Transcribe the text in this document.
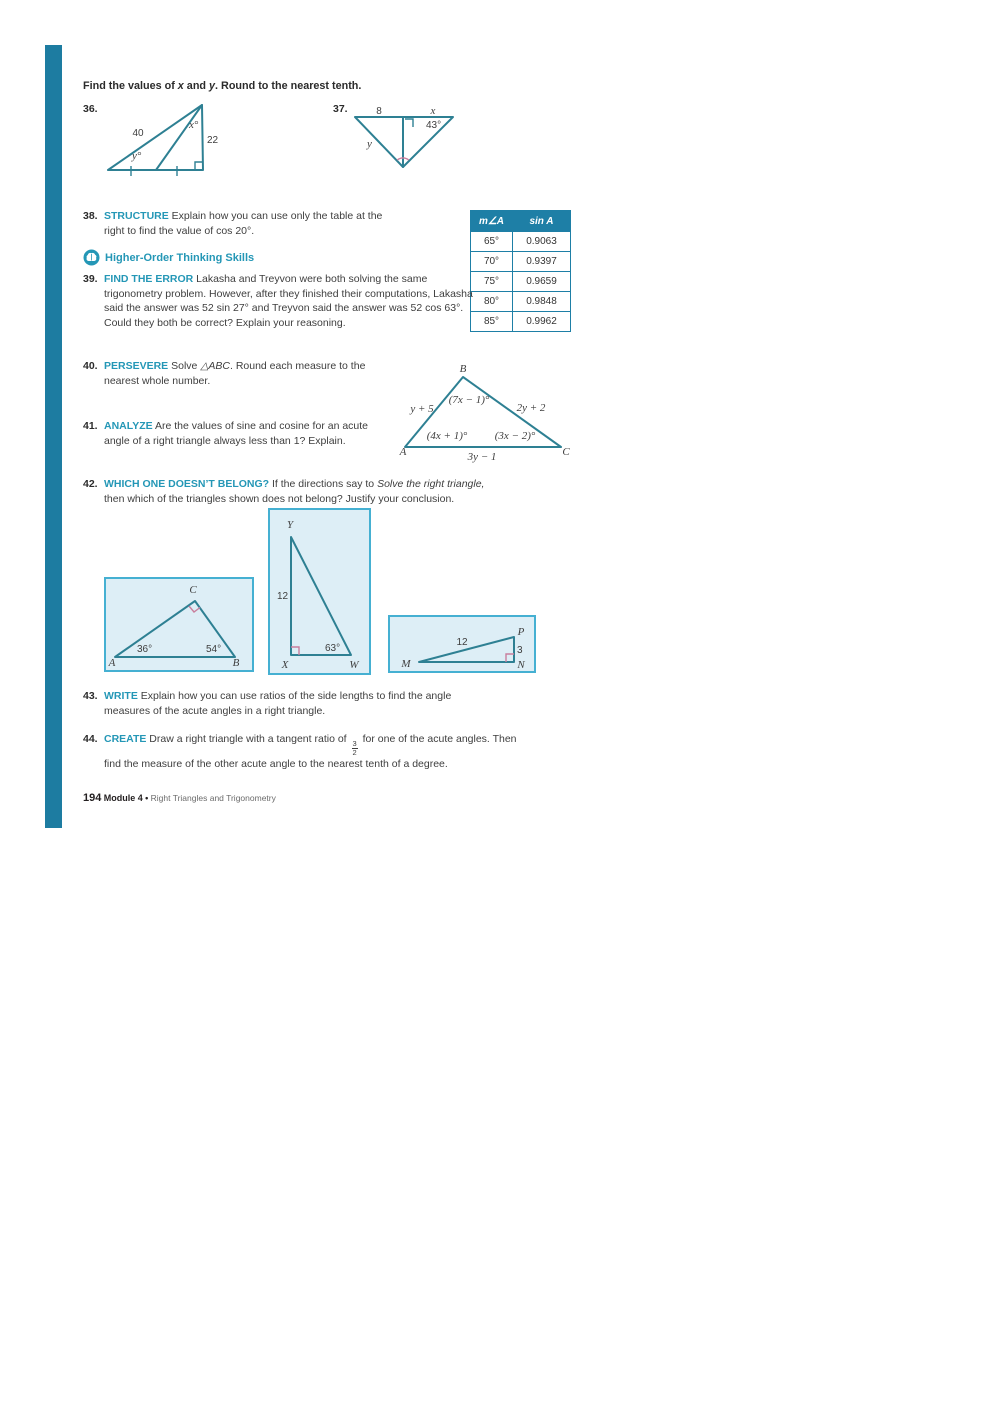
Find the values of x and y. Round to the nearest tenth.
36.
40
x°
22
y°
37.	8	x
43°
y
38. STRUCTURE Explain how you can use only the table at the right to find the value of cos 20°.
m∠A	sin A
65°	0.9063
70°	0.9397
75°	0.9659
80°	0.9848
85°	0.9962
Higher-Order Thinking Skills
39. FIND THE ERROR Lakasha and Treyvon were both solving the same trigonometry problem. However, after they finished their computations, Lakasha said the answer was 52 sin 27° and Treyvon said the answer was 52 cos 63°. Could they both be correct? Explain your reasoning.
40. PERSEVERE Solve △ABC. Round each measure to the nearest whole number.
B
A	C
y + 5	2y + 2
3y − 1
(7x − 1)°
(4x + 1)° (3x − 2)°
41. ANALYZE Are the values of sine and cosine for an acute angle of a right triangle always less than 1? Explain.
42. WHICH ONE DOESN’T BELONG? If the directions say to Solve the right triangle, then which of the triangles shown does not belong? Justify your conclusion.
C
A	B
36°	54°
Y
X	W
12
63°
M	N
P
12
3
43. WRITE Explain how you can use ratios of the side lengths to find the angle measures of the acute angles in a right triangle.
44. CREATE Draw a right triangle with a tangent ratio of
$\frac{3}{2}$
for one of the acute angles. Then find the measure of the other acute angle to the nearest tenth of a degree.
194 Module 4 • Right Triangles and Trigonometry
